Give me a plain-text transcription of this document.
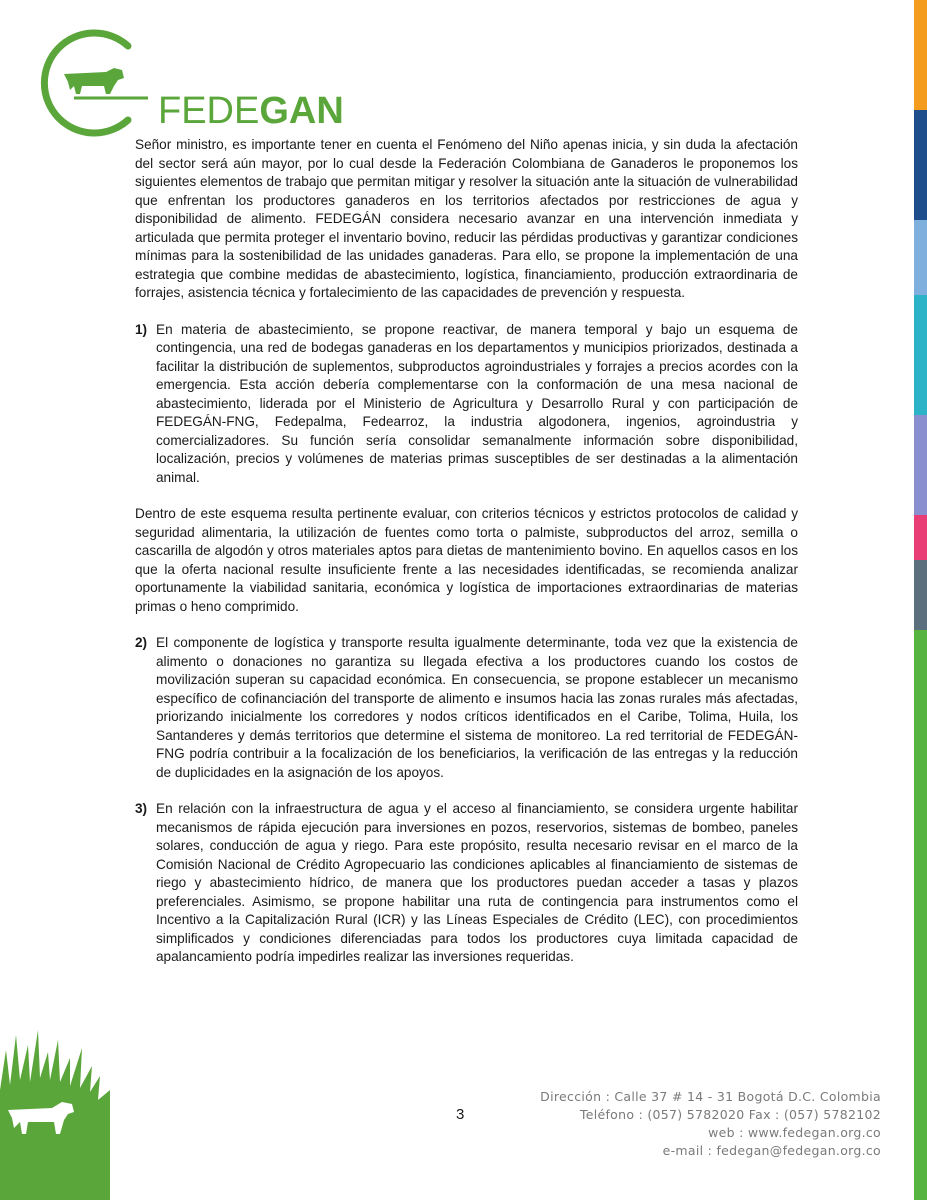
FEDEGAN

Señor ministro, es importante tener en cuenta el Fenómeno del Niño apenas inicia, y sin duda la afectación del sector será aún mayor, por lo cual desde la Federación Colombiana de Ganaderos le proponemos los siguientes elementos de trabajo que permitan mitigar y resolver la situación ante la situación de vulnerabilidad que enfrentan los productores ganaderos en los territorios afectados por restricciones de agua y disponibilidad de alimento. FEDEGÁN considera necesario avanzar en una intervención inmediata y articulada que permita proteger el inventario bovino, reducir las pérdidas productivas y garantizar condiciones mínimas para la sostenibilidad de las unidades ganaderas. Para ello, se propone la implementación de una estrategia que combine medidas de abastecimiento, logística, financiamiento, producción extraordinaria de forrajes, asistencia técnica y fortalecimiento de las capacidades de prevención y respuesta.

1) En materia de abastecimiento, se propone reactivar, de manera temporal y bajo un esquema de contingencia, una red de bodegas ganaderas en los departamentos y municipios priorizados, destinada a facilitar la distribución de suplementos, subproductos agroindustriales y forrajes a precios acordes con la emergencia. Esta acción debería complementarse con la conformación de una mesa nacional de abastecimiento, liderada por el Ministerio de Agricultura y Desarrollo Rural y con participación de FEDEGÁN-FNG, Fedepalma, Fedearroz, la industria algodonera, ingenios, agroindustria y comercializadores. Su función sería consolidar semanalmente información sobre disponibilidad, localización, precios y volúmenes de materias primas susceptibles de ser destinadas a la alimentación animal.

Dentro de este esquema resulta pertinente evaluar, con criterios técnicos y estrictos protocolos de calidad y seguridad alimentaria, la utilización de fuentes como torta o palmiste, subproductos del arroz, semilla o cascarilla de algodón y otros materiales aptos para dietas de mantenimiento bovino. En aquellos casos en los que la oferta nacional resulte insuficiente frente a las necesidades identificadas, se recomienda analizar oportunamente la viabilidad sanitaria, económica y logística de importaciones extraordinarias de materias primas o heno comprimido.

2) El componente de logística y transporte resulta igualmente determinante, toda vez que la existencia de alimento o donaciones no garantiza su llegada efectiva a los productores cuando los costos de movilización superan su capacidad económica. En consecuencia, se propone establecer un mecanismo específico de cofinanciación del transporte de alimento e insumos hacia las zonas rurales más afectadas, priorizando inicialmente los corredores y nodos críticos identificados en el Caribe, Tolima, Huila, los Santanderes y demás territorios que determine el sistema de monitoreo. La red territorial de FEDEGÁN-FNG podría contribuir a la focalización de los beneficiarios, la verificación de las entregas y la reducción de duplicidades en la asignación de los apoyos.
3) En relación con la infraestructura de agua y el acceso al financiamiento, se considera urgente habilitar mecanismos de rápida ejecución para inversiones en pozos, reservorios, sistemas de bombeo, paneles solares, conducción de agua y riego. Para este propósito, resulta necesario revisar en el marco de la Comisión Nacional de Crédito Agropecuario las condiciones aplicables al financiamiento de sistemas de riego y abastecimiento hídrico, de manera que los productores puedan acceder a tasas y plazos preferenciales. Asimismo, se propone habilitar una ruta de contingencia para instrumentos como el Incentivo a la Capitalización Rural (ICR) y las Líneas Especiales de Crédito (LEC), con procedimientos simplificados y condiciones diferenciadas para todos los productores cuya limitada capacidad de apalancamiento podría impedirles realizar las inversiones requeridas.
3
Dirección : Calle 37 # 14 - 31 Bogotá D.C. Colombia
Teléfono : (057) 5782020 Fax : (057) 5782102
web : www.fedegan.org.co
e-mail : fedegan@fedegan.org.co
